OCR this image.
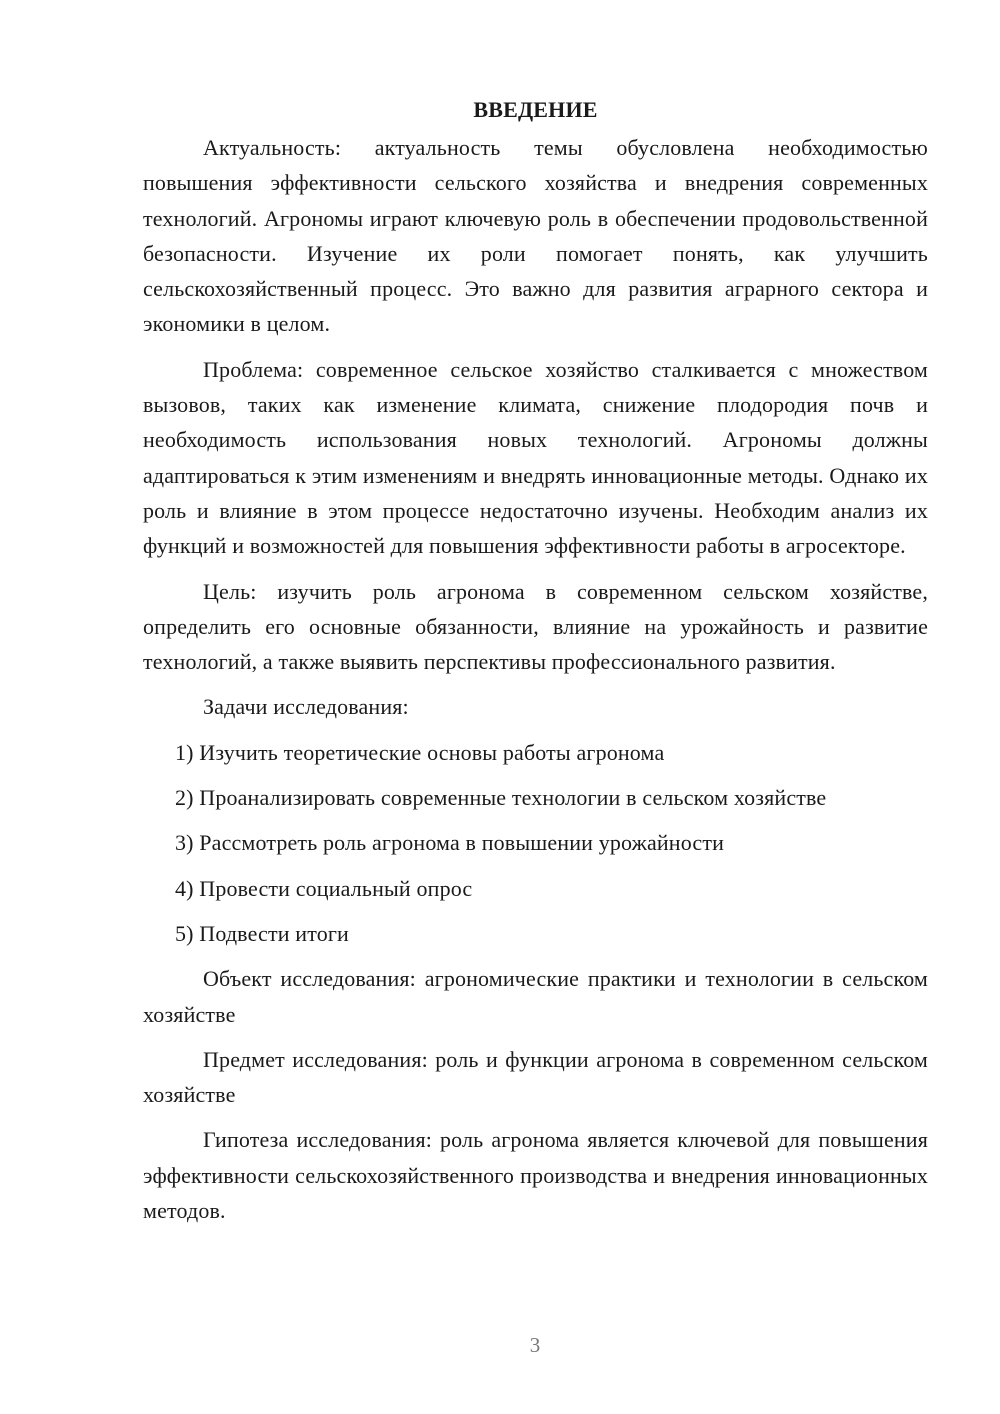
ВВЕДЕНИЕ

Актуальность: актуальность темы обусловлена необходимостью повышения эффективности сельского хозяйства и внедрения современных технологий. Агрономы играют ключевую роль в обеспечении продовольственной безопасности. Изучение их роли помогает понять, как улучшить сельскохозяйственный процесс. Это важно для развития аграрного сектора и экономики в целом.

Проблема: современное сельское хозяйство сталкивается с множеством вызовов, таких как изменение климата, снижение плодородия почв и необходимость использования новых технологий. Агрономы должны адаптироваться к этим изменениям и внедрять инновационные методы. Однако их роль и влияние в этом процессе недостаточно изучены. Необходим анализ их функций и возможностей для повышения эффективности работы в агросекторе.

Цель: изучить роль агронома в современном сельском хозяйстве, определить его основные обязанности, влияние на урожайность и развитие технологий, а также выявить перспективы профессионального развития.

Задачи исследования:

1) Изучить теоретические основы работы агронома
2) Проанализировать современные технологии в сельском хозяйстве
3) Рассмотреть роль агронома в повышении урожайности
4) Провести социальный опрос
5) Подвести итоги

Объект исследования: агрономические практики и технологии в сельском хозяйстве

Предмет исследования: роль и функции агронома в современном сельском хозяйстве

Гипотеза исследования: роль агронома является ключевой для повышения эффективности сельскохозяйственного производства и внедрения инновационных методов.

3
